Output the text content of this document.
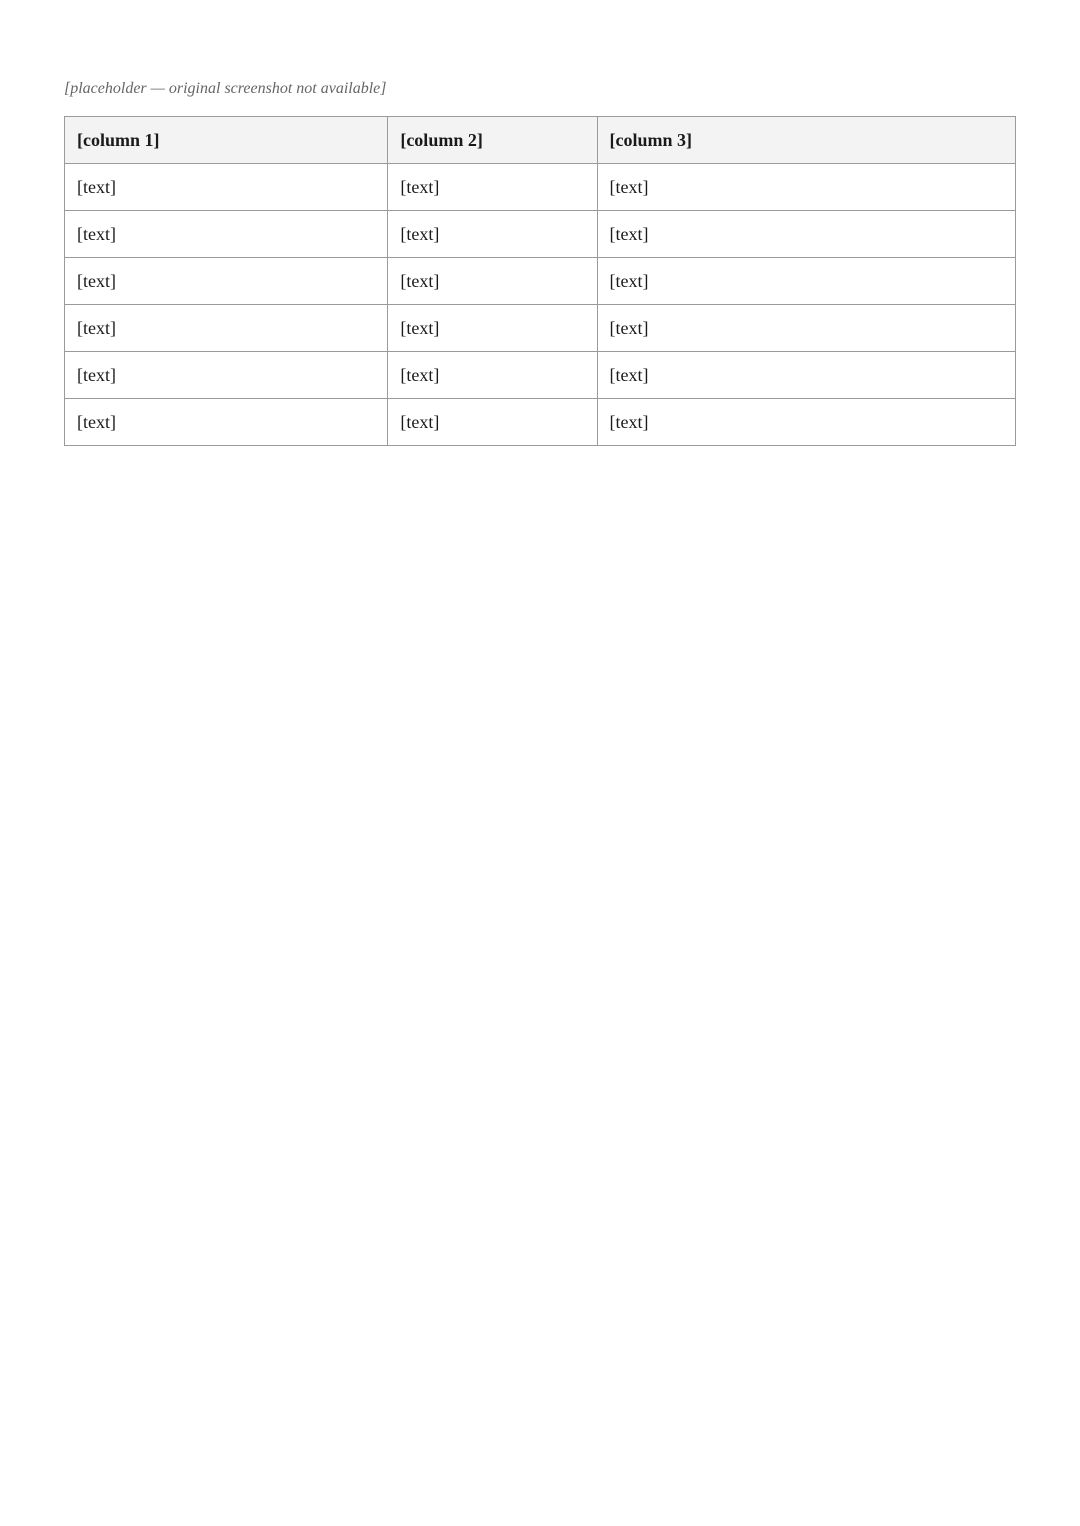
[placeholder — original screenshot not available]

[column 1]	[column 2]	[column 3]
[text]	[text]	[text]
[text]	[text]	[text]
[text]	[text]	[text]
[text]	[text]	[text]
[text]	[text]	[text]
[text]	[text]	[text]
